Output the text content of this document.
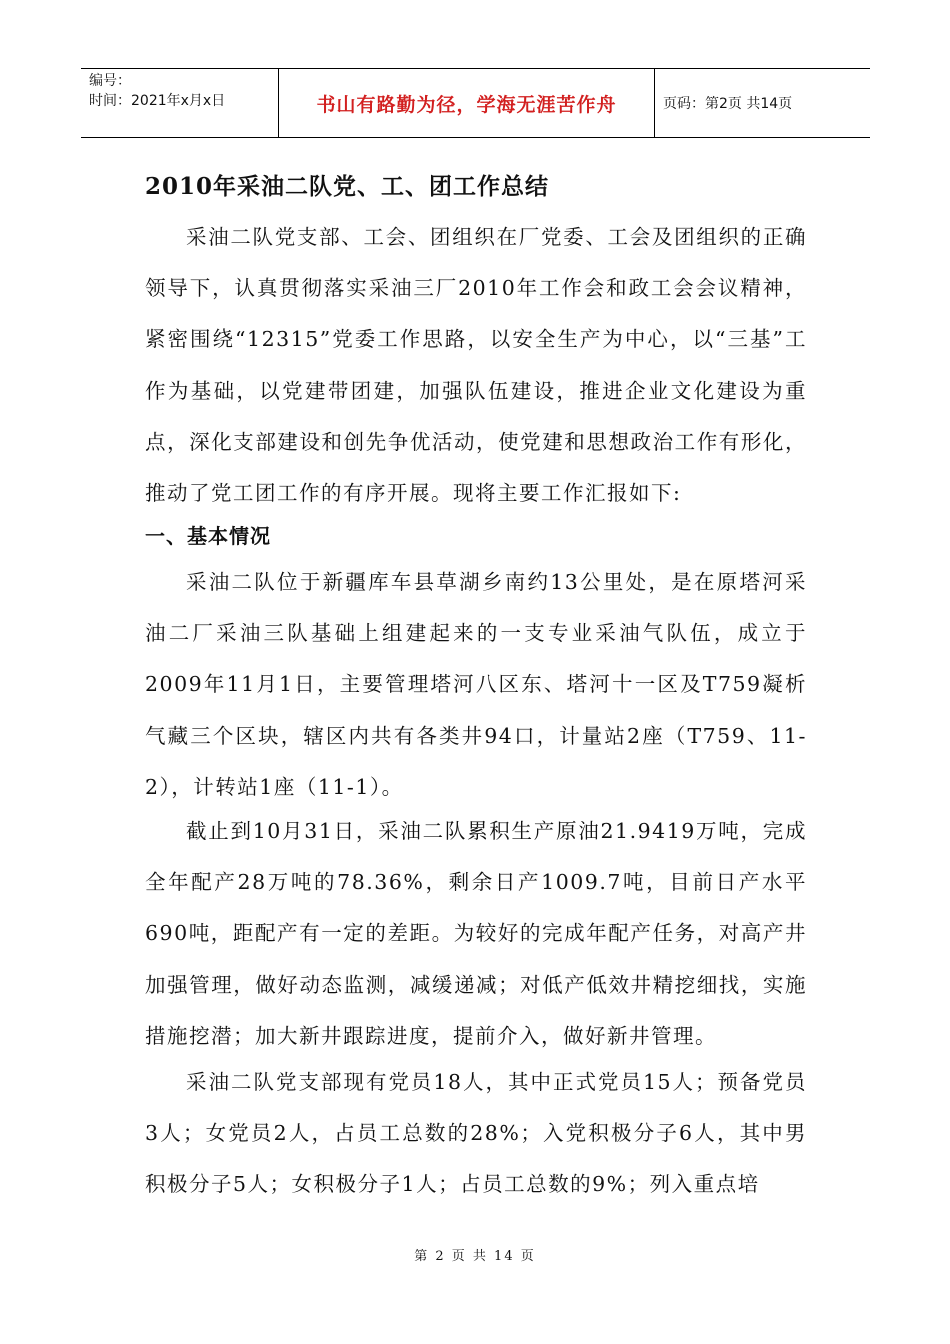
编号：
时间：2021年x月x日	书山有路勤为径，学海无涯苦作舟	页码：第2页 共14页
2010年采油二队党、工、团工作总结

采油二队党支部、工会、团组织在厂党委、工会及团组织的正确领导下，认真贯彻落实采油三厂2010年工作会和政工会会议精神，紧密围绕“12315”党委工作思路，以安全生产为中心，以“三基”工作为基础，以党建带团建，加强队伍建设，推进企业文化建设为重点，深化支部建设和创先争优活动，使党建和思想政治工作有形化，推动了党工团工作的有序开展。现将主要工作汇报如下:

一、基本情况

采油二队位于新疆库车县草湖乡南约13公里处，是在原塔河采油二厂采油三队基础上组建起来的一支专业采油气队伍，成立于2009年11月1日，主要管理塔河八区东、塔河十一区及T759凝析气藏三个区块，辖区内共有各类井94口，计量站2座（T759、11-2），计转站1座（11-1）。

截止到10月31日，采油二队累积生产原油21.9419万吨，完成全年配产28万吨的78.36%，剩余日产1009.7吨，目前日产水平690吨，距配产有一定的差距。为较好的完成年配产任务，对高产井加强管理，做好动态监测，减缓递减；对低产低效井精挖细找，实施措施挖潜；加大新井跟踪进度，提前介入，做好新井管理。

采油二队党支部现有党员18人，其中正式党员15人；预备党员3人；女党员2人，占员工总数的28%；入党积极分子6人，其中男积极分子5人；女积极分子1人；占员工总数的9%；列入重点培

第 2 页 共 14 页
